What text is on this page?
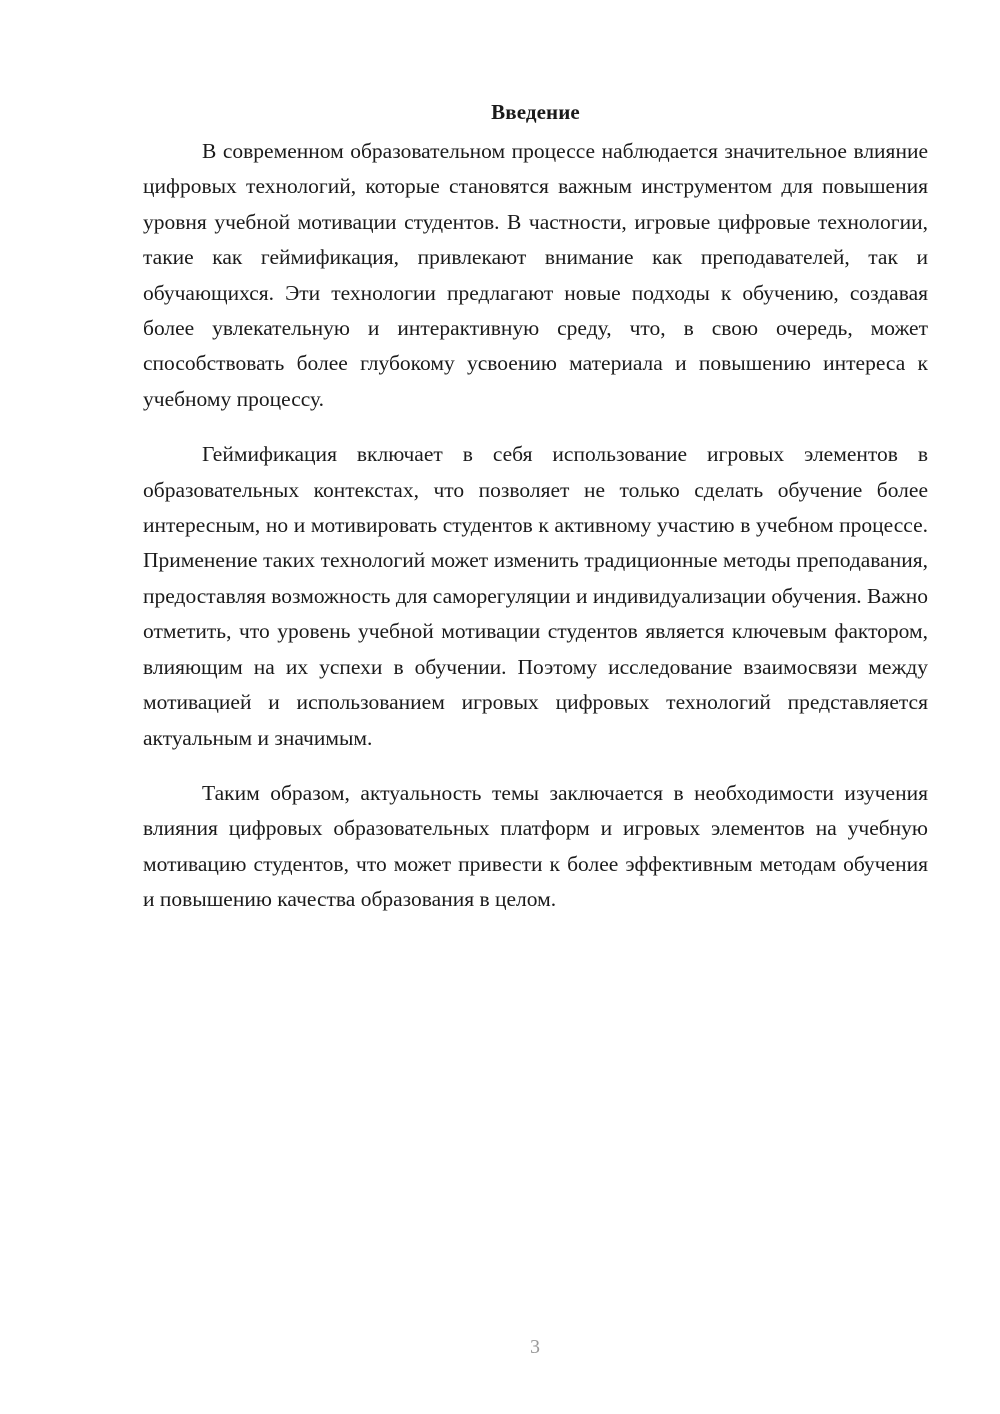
Введение

В современном образовательном процессе наблюдается значительное влияние цифровых технологий, которые становятся важным инструментом для повышения уровня учебной мотивации студентов. В частности, игровые цифровые технологии, такие как геймификация, привлекают внимание как преподавателей, так и обучающихся. Эти технологии предлагают новые подходы к обучению, создавая более увлекательную и интерактивную среду, что, в свою очередь, может способствовать более глубокому усвоению материала и повышению интереса к учебному процессу.

Геймификация включает в себя использование игровых элементов в образовательных контекстах, что позволяет не только сделать обучение более интересным, но и мотивировать студентов к активному участию в учебном процессе. Применение таких технологий может изменить традиционные методы преподавания, предоставляя возможность для саморегуляции и индивидуализации обучения. Важно отметить, что уровень учебной мотивации студентов является ключевым фактором, влияющим на их успехи в обучении. Поэтому исследование взаимосвязи между мотивацией и использованием игровых цифровых технологий представляется актуальным и значимым.

Таким образом, актуальность темы заключается в необходимости изучения влияния цифровых образовательных платформ и игровых элементов на учебную мотивацию студентов, что может привести к более эффективным методам обучения и повышению качества образования в целом.

3
